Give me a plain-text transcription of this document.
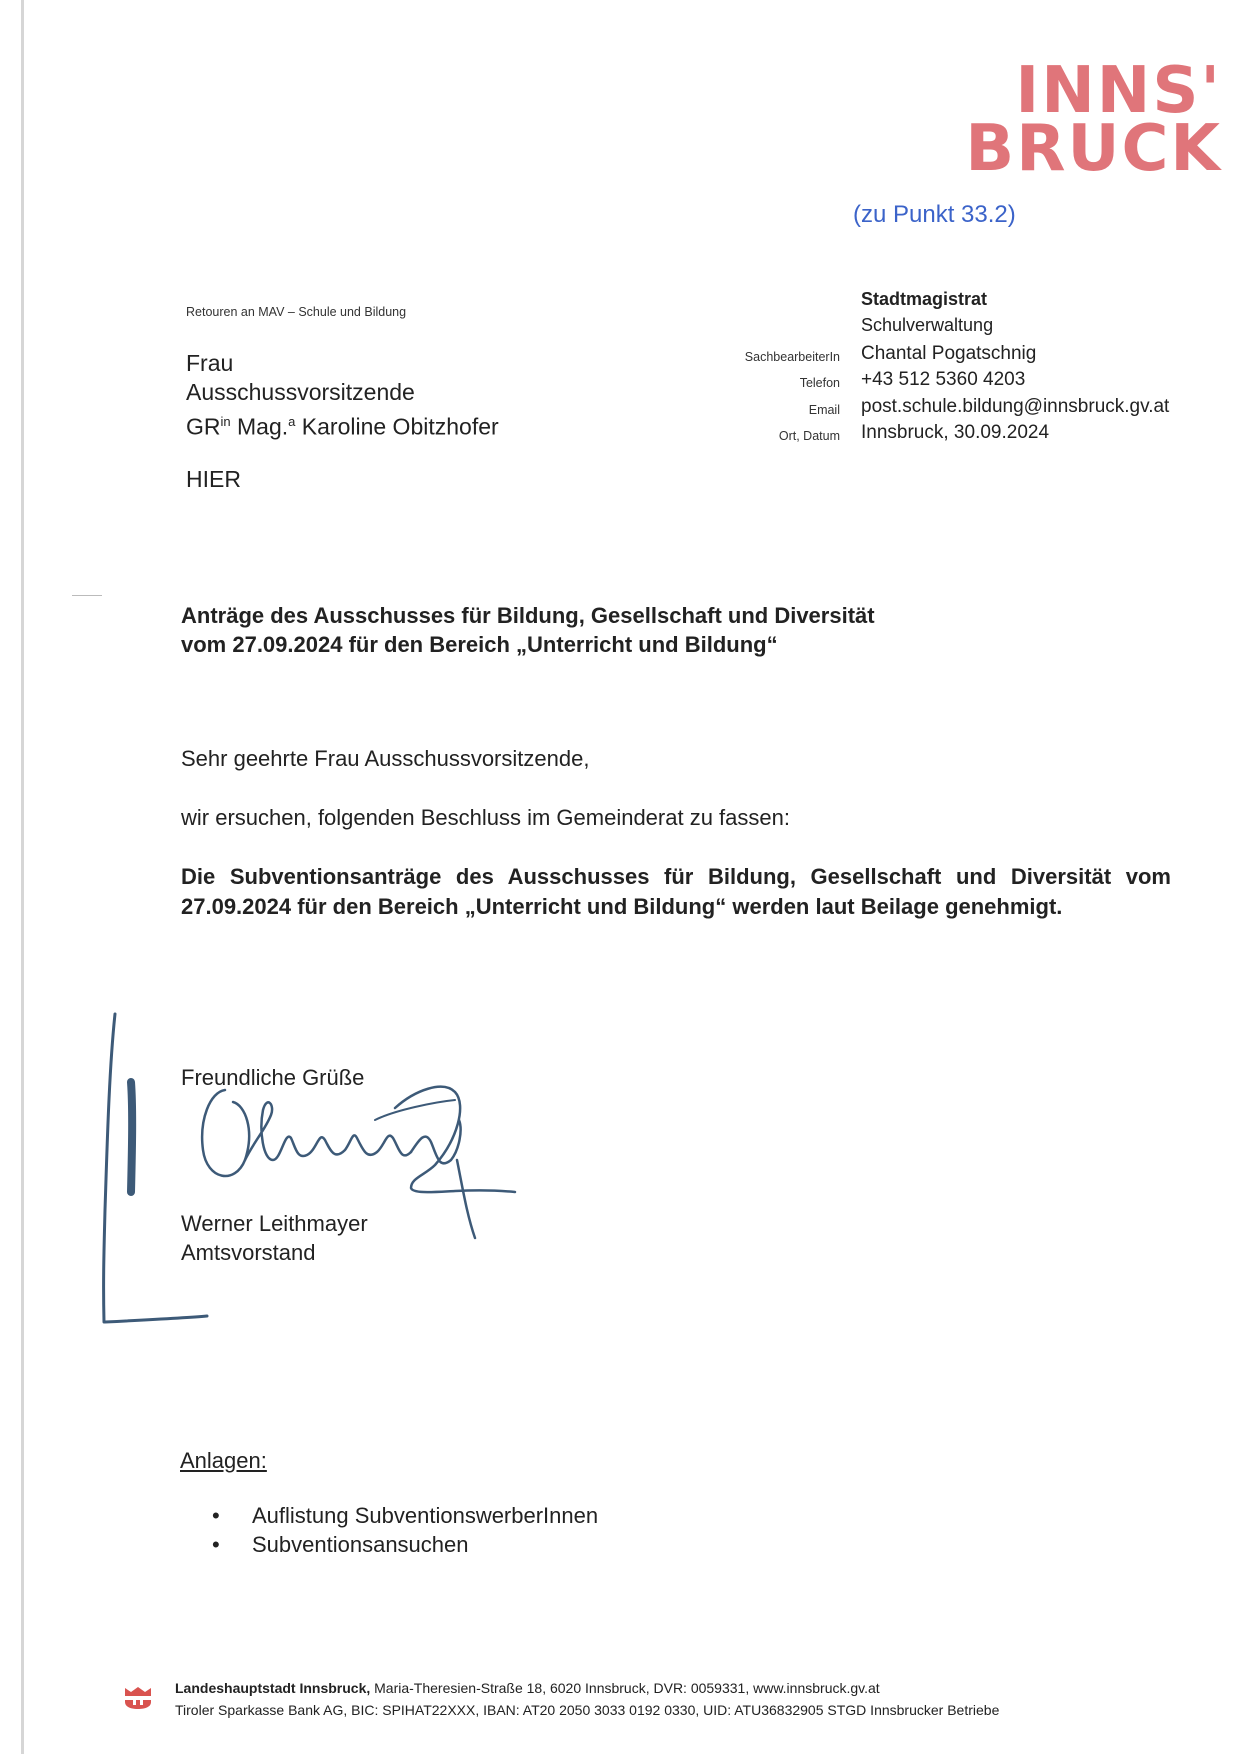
INNS'
BRUCK
(zu Punkt 33.2)
Retouren an MAV – Schule und Bildung
Frau
Ausschussvorsitzende
$GR^{in}$ Mag.$^a$ Karoline Obitzhofer
HIER
Stadtmagistrat
Schulverwaltung
SachbearbeiterIn Chantal Pogatschnig
Telefon +43 512 5360 4203
Email post.schule.bildung@innsbruck.gv.at
Ort, Datum Innsbruck, 30.09.2024
Anträge des Ausschusses für Bildung, Gesellschaft und Diversität
vom 27.09.2024 für den Bereich „Unterricht und Bildung“
Sehr geehrte Frau Ausschussvorsitzende,
wir ersuchen, folgenden Beschluss im Gemeinderat zu fassen:
Die Subventionsanträge des Ausschusses für Bildung, Gesellschaft und Diversität vom 27.09.2024 für den Bereich „Unterricht und Bildung“ werden laut Beilage genehmigt.
Freundliche Grüße
Werner Leithmayer
Amtsvorstand
Anlagen:
• Auflistung SubventionswerberInnen
• Subventionsansuchen
Landeshauptstadt Innsbruck, Maria-Theresien-Straße 18, 6020 Innsbruck, DVR: 0059331, www.innsbruck.gv.at
Tiroler Sparkasse Bank AG, BIC: SPIHAT22XXX, IBAN: AT20 2050 3033 0192 0330, UID: ATU36832905 STGD Innsbrucker Betriebe
